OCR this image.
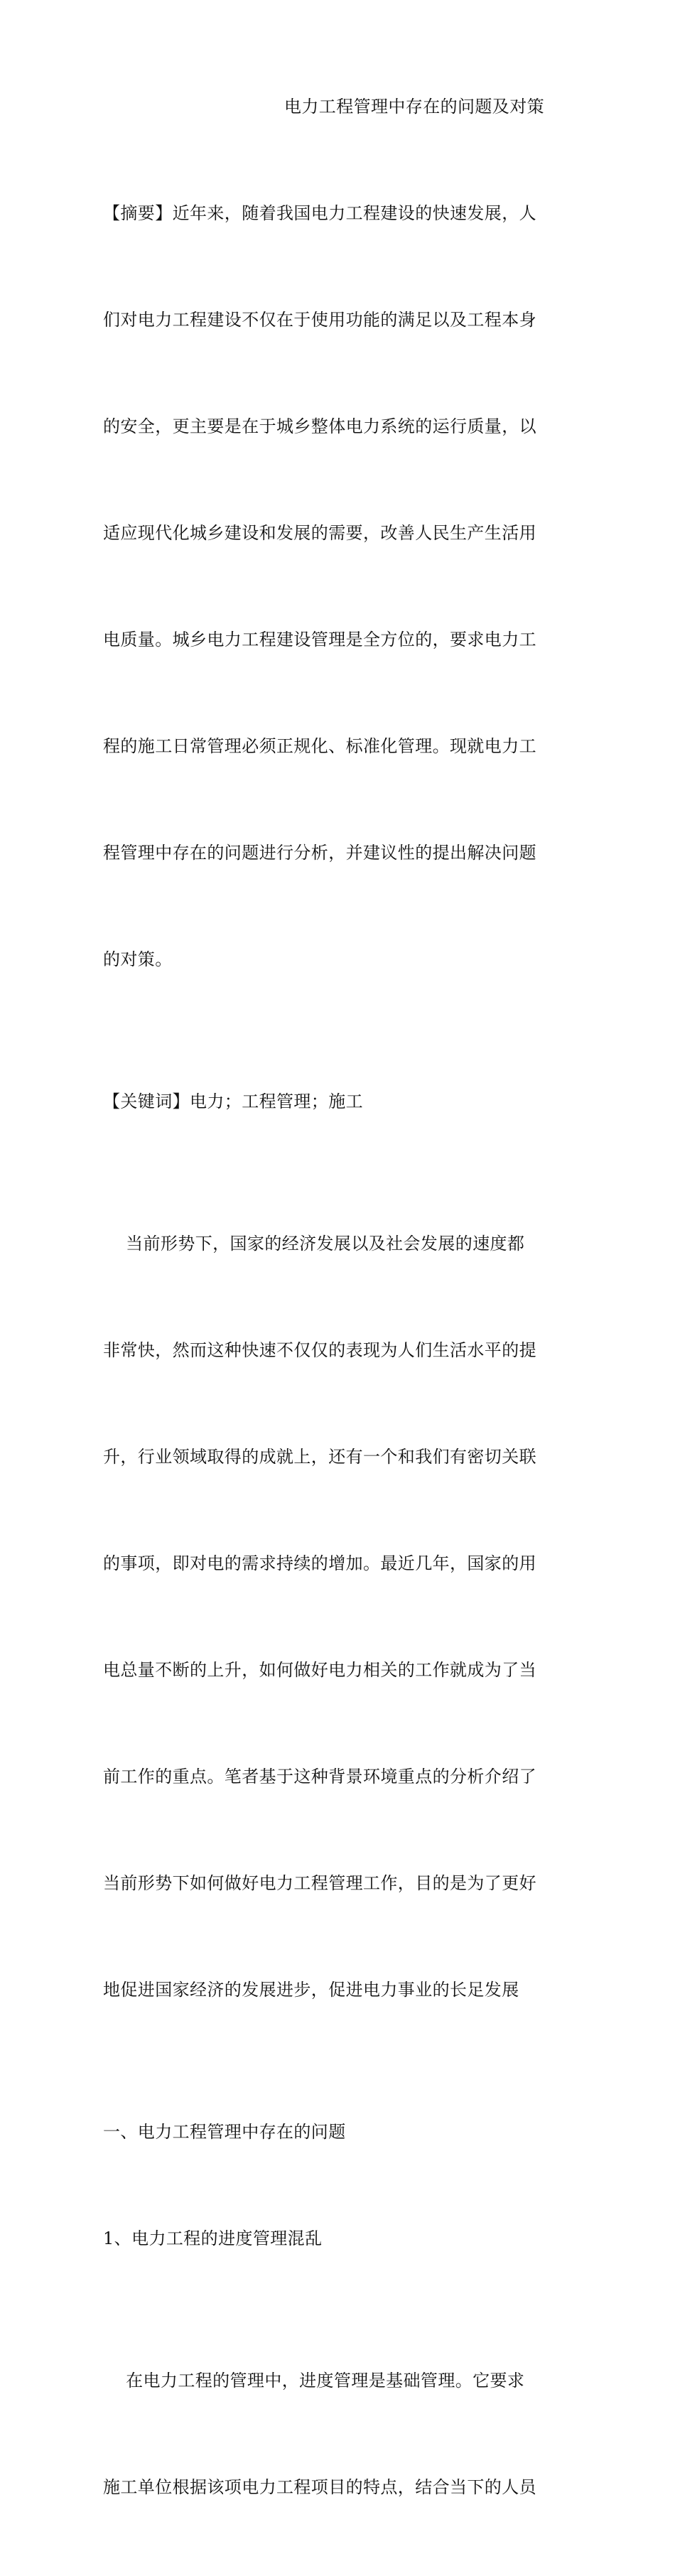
电力工程管理中存在的问题及对策

【摘要】近年来，随着我国电力工程建设的快速发展，人

们对电力工程建设不仅在于使用功能的满足以及工程本身

的安全，更主要是在于城乡整体电力系统的运行质量，以

适应现代化城乡建设和发展的需要，改善人民生产生活用

电质量。城乡电力工程建设管理是全方位的，要求电力工

程的施工日常管理必须正规化、标准化管理。现就电力工

程管理中存在的问题进行分析，并建议性的提出解决问题

的对策。

【关键词】电力；工程管理；施工

当前形势下，国家的经济发展以及社会发展的速度都

非常快，然而这种快速不仅仅的表现为人们生活水平的提

升，行业领域取得的成就上，还有一个和我们有密切关联

的事项，即对电的需求持续的增加。最近几年，国家的用

电总量不断的上升，如何做好电力相关的工作就成为了当

前工作的重点。笔者基于这种背景环境重点的分析介绍了

当前形势下如何做好电力工程管理工作，目的是为了更好

地促进国家经济的发展进步，促进电力事业的长足发展

一、电力工程管理中存在的问题

1、电力工程的进度管理混乱

在电力工程的管理中，进度管理是基础管理。它要求

施工单位根据该项电力工程项目的特点，结合当下的人员
